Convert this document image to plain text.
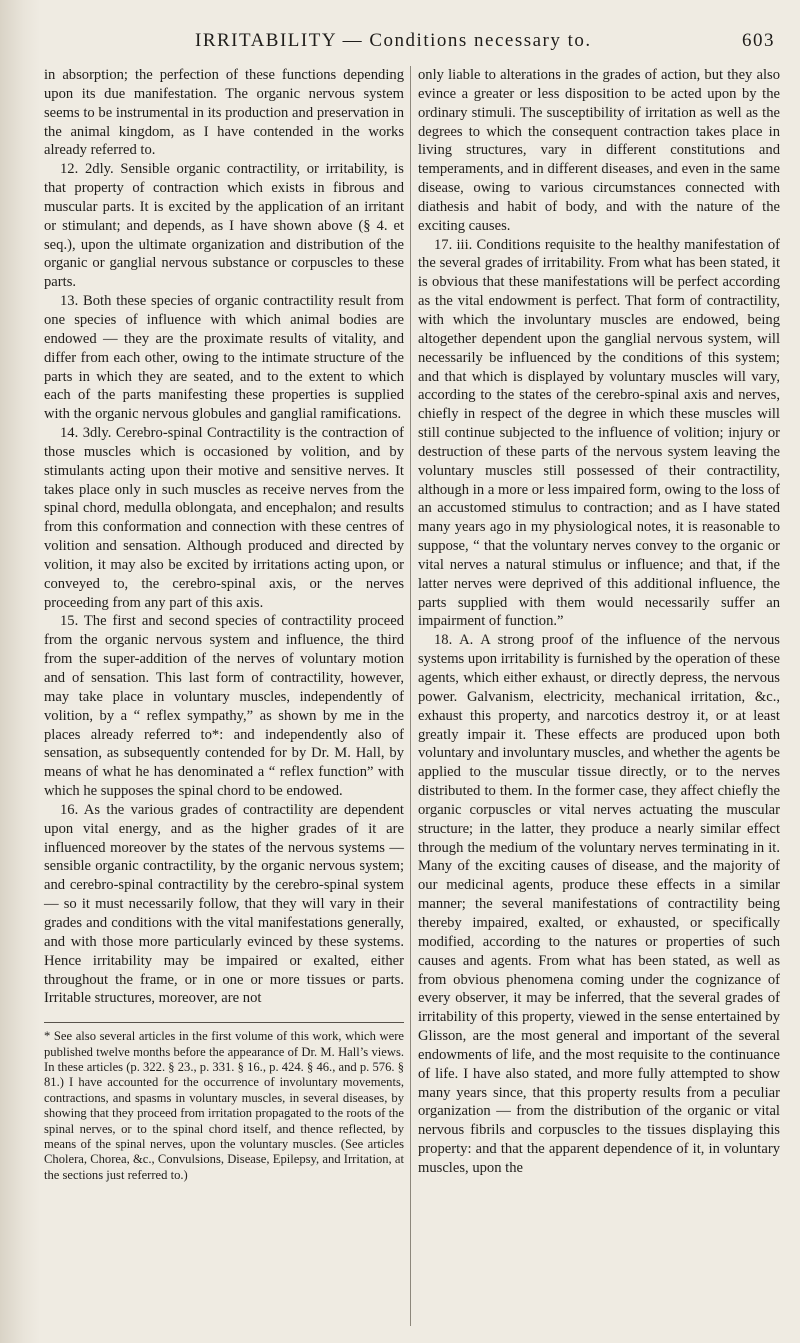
IRRITABILITY — Conditions necessary to.	603

in absorption; the perfection of these functions depending upon its due manifestation. The organic nervous system seems to be instrumental in its production and preservation in the animal kingdom, as I have contended in the works already referred to.

12. 2dly. Sensible organic contractility, or irritability, is that property of contraction which exists in fibrous and muscular parts. It is excited by the application of an irritant or stimulant; and depends, as I have shown above (§ 4. et seq.), upon the ultimate organization and distribution of the organic or ganglial nervous substance or corpuscles to these parts.

13. Both these species of organic contractility result from one species of influence with which animal bodies are endowed — they are the proximate results of vitality, and differ from each other, owing to the intimate structure of the parts in which they are seated, and to the extent to which each of the parts manifesting these properties is supplied with the organic nervous globules and ganglial ramifications.

14. 3dly. Cerebro-spinal Contractility is the contraction of those muscles which is occasioned by volition, and by stimulants acting upon their motive and sensitive nerves. It takes place only in such muscles as receive nerves from the spinal chord, medulla oblongata, and encephalon; and results from this conformation and connection with these centres of volition and sensation. Although produced and directed by volition, it may also be excited by irritations acting upon, or conveyed to, the cerebro-spinal axis, or the nerves proceeding from any part of this axis.

15. The first and second species of contractility proceed from the organic nervous system and influence, the third from the super-addition of the nerves of voluntary motion and of sensation. This last form of contractility, however, may take place in voluntary muscles, independently of volition, by a “ reflex sympathy,” as shown by me in the places already referred to*: and independently also of sensation, as subsequently contended for by Dr. M. Hall, by means of what he has denominated a “ reflex function” with which he supposes the spinal chord to be endowed.

16. As the various grades of contractility are dependent upon vital energy, and as the higher grades of it are influenced moreover by the states of the nervous systems — sensible organic contractility, by the organic nervous system; and cerebro-spinal contractility by the cerebro-spinal system — so it must necessarily follow, that they will vary in their grades and conditions with the vital manifestations generally, and with those more particularly evinced by these systems. Hence irritability may be impaired or exalted, either throughout the frame, or in one or more tissues or parts. Irritable structures, moreover, are not

* See also several articles in the first volume of this work, which were published twelve months before the appearance of Dr. M. Hall’s views. In these articles (p. 322. § 23., p. 331. § 16., p. 424. § 46., and p. 576. § 81.) I have accounted for the occurrence of involuntary movements, contractions, and spasms in voluntary muscles, in several diseases, by showing that they proceed from irritation propagated to the roots of the spinal nerves, or to the spinal chord itself, and thence reflected, by means of the spinal nerves, upon the voluntary muscles. (See articles Cholera, Chorea, &c., Convulsions, Disease, Epilepsy, and Irritation, at the sections just referred to.)

only liable to alterations in the grades of action, but they also evince a greater or less disposition to be acted upon by the ordinary stimuli. The susceptibility of irritation as well as the degrees to which the consequent contraction takes place in living structures, vary in different constitutions and temperaments, and in different diseases, and even in the same disease, owing to various circumstances connected with diathesis and habit of body, and with the nature of the exciting causes.

17. iii. Conditions requisite to the healthy manifestation of the several grades of irritability. From what has been stated, it is obvious that these manifestations will be perfect according as the vital endowment is perfect. That form of contractility, with which the involuntary muscles are endowed, being altogether dependent upon the ganglial nervous system, will necessarily be influenced by the conditions of this system; and that which is displayed by voluntary muscles will vary, according to the states of the cerebro-spinal axis and nerves, chiefly in respect of the degree in which these muscles will still continue subjected to the influence of volition; injury or destruction of these parts of the nervous system leaving the voluntary muscles still possessed of their contractility, although in a more or less impaired form, owing to the loss of an accustomed stimulus to contraction; and as I have stated many years ago in my physiological notes, it is reasonable to suppose, “ that the voluntary nerves convey to the organic or vital nerves a natural stimulus or influence; and that, if the latter nerves were deprived of this additional influence, the parts supplied with them would necessarily suffer an impairment of function.”

18. A. A strong proof of the influence of the nervous systems upon irritability is furnished by the operation of these agents, which either exhaust, or directly depress, the nervous power. Galvanism, electricity, mechanical irritation, &c., exhaust this property, and narcotics destroy it, or at least greatly impair it. These effects are produced upon both voluntary and involuntary muscles, and whether the agents be applied to the muscular tissue directly, or to the nerves distributed to them. In the former case, they affect chiefly the organic corpuscles or vital nerves actuating the muscular structure; in the latter, they produce a nearly similar effect through the medium of the voluntary nerves terminating in it. Many of the exciting causes of disease, and the majority of our medicinal agents, produce these effects in a similar manner; the several manifestations of contractility being thereby impaired, exalted, or exhausted, or specifically modified, according to the natures or properties of such causes and agents. From what has been stated, as well as from obvious phenomena coming under the cognizance of every observer, it may be inferred, that the several grades of irritability of this property, viewed in the sense entertained by Glisson, are the most general and important of the several endowments of life, and the most requisite to the continuance of life. I have also stated, and more fully attempted to show many years since, that this property results from a peculiar organization — from the distribution of the organic or vital nervous fibrils and corpuscles to the tissues displaying this property: and that the apparent dependence of it, in voluntary muscles, upon the
